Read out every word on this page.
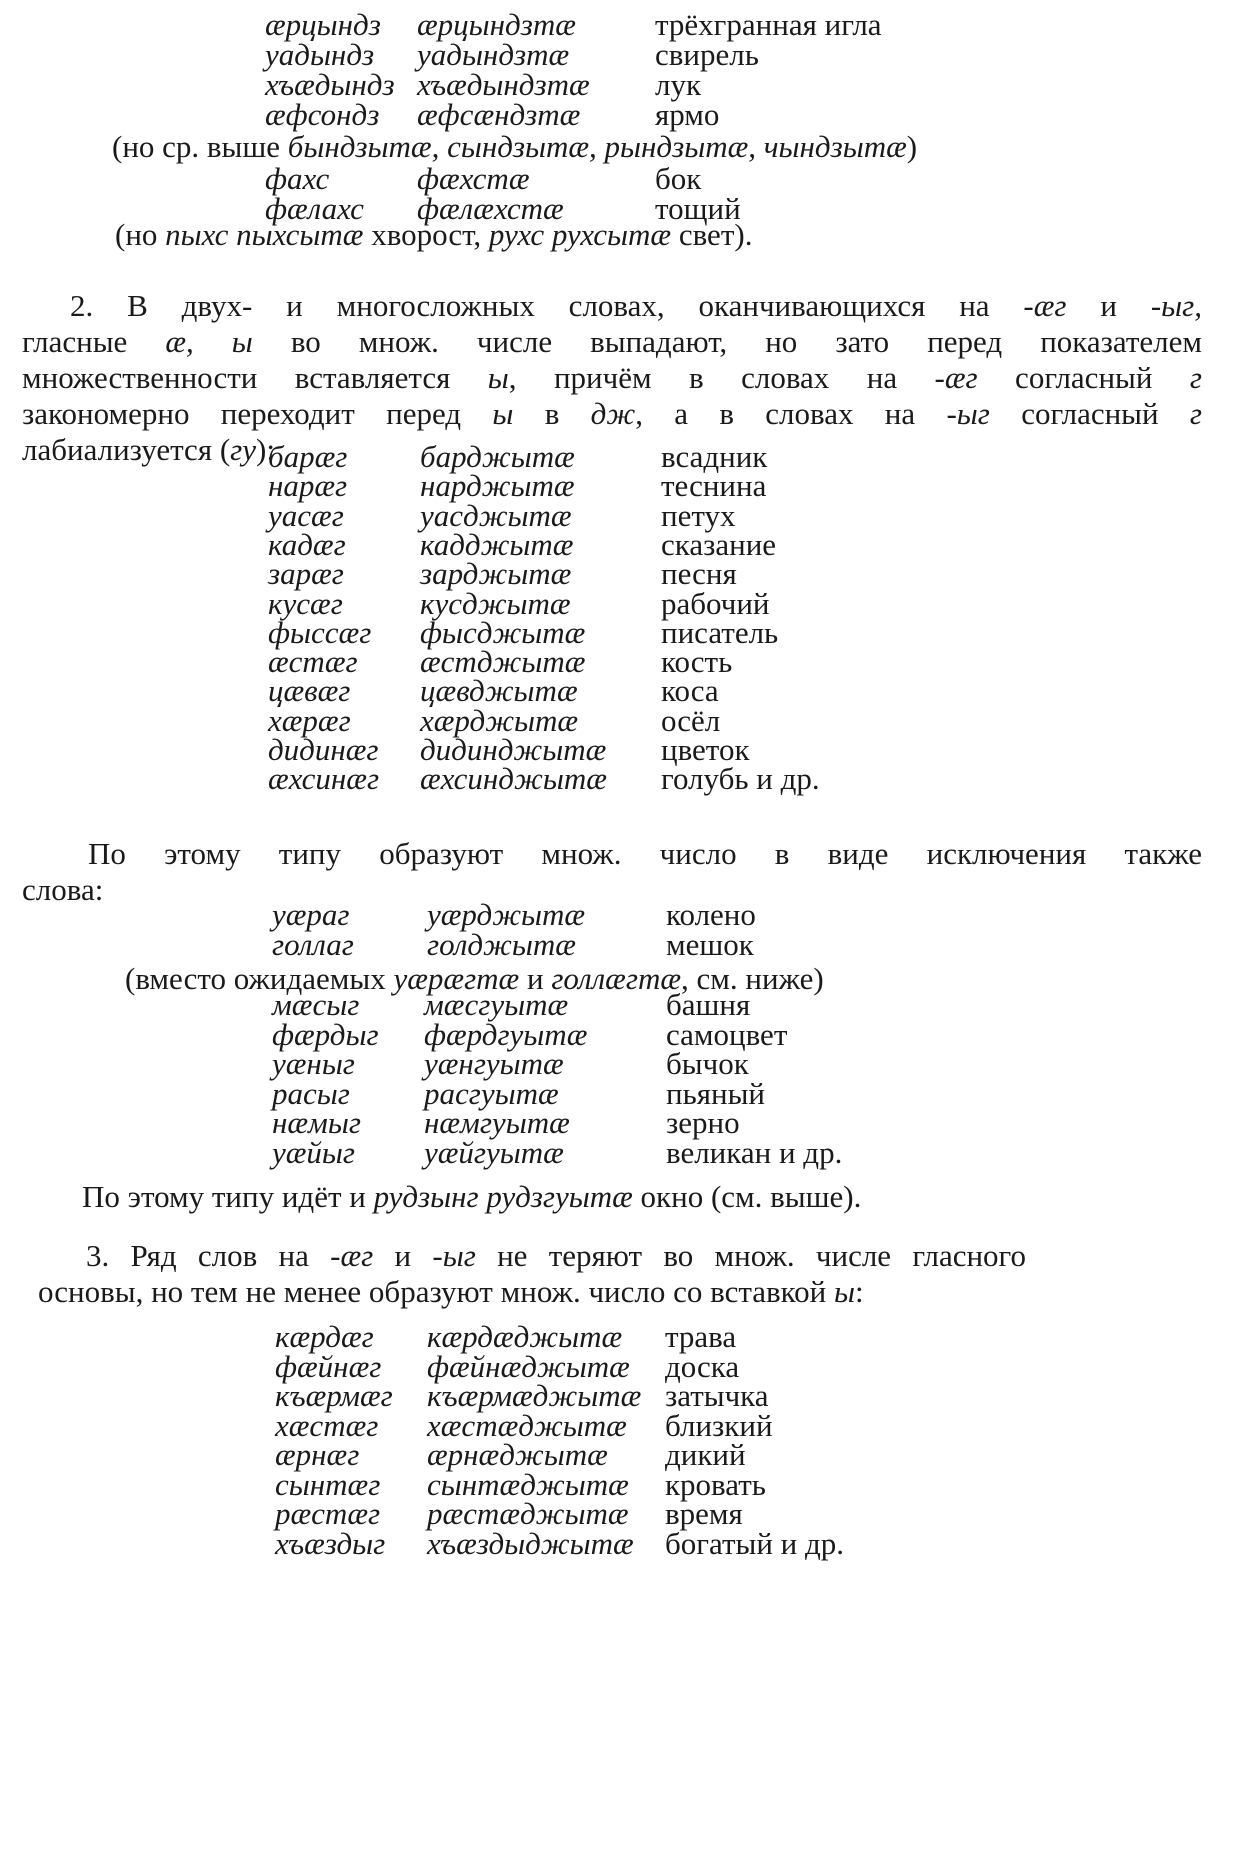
ӕрцындз ӕрцындзтӕ	трёхгранная игла
уадындз уадындзтӕ	свирель
хъӕдындз хъӕдындзтӕ лук
ӕфсондз ӕфсӕндзтӕ ярмо
(но ср. выше бындзытӕ, сындзытӕ, рындзытӕ, чындзытӕ)
фахс	фӕхстӕ	бок
фӕлахс фӕлӕхстӕ	тощий
(но пыхс пыхсытӕ хворост, рухс рухсытӕ свет).
2. В двух- и многосложных словах, оканчивающихся на -ӕг и -ыг,
гласные ӕ, ы во множ. числе выпадают, но зато перед показателем
множественности вставляется ы, причём в словах на -ӕг согласный г
закономерно переходит перед ы в дж, а в словах на -ыг согласный г
лабиализуется (гу):
барӕг барджытӕ	всадник
нарӕг нарджытӕ	теснина
уасӕг уасджытӕ	петух
кадӕг кадджытӕ	сказание
зарӕг зарджытӕ	песня
кусӕг кусджытӕ	рабочий
фыссӕг фысджытӕ писатель
ӕстӕг ӕстджытӕ кость
цӕвӕг цӕвджытӕ	коса
хӕрӕг хӕрджытӕ	осёл
дидинӕг дидинджытӕ цветок
ӕхсинӕг ӕхсинджытӕ голубь и др.
По этому типу образуют множ. число в виде исключения также
слова:
уӕраг уӕрджытӕ	колено
голлаг голджытӕ	мешок
(вместо ожидаемых уӕрӕгтӕ и голлӕгтӕ, см. ниже)
мӕсыг мӕсгуытӕ	башня
фӕрдыг фӕрдгуытӕ	самоцвет
уӕныг уӕнгуытӕ	бычок
расыг расгуытӕ	пьяный
нӕмыг нӕмгуытӕ	зерно
уӕйыг уӕйгуытӕ	великан и др.
По этому типу идёт и рудзынг рудзгуытӕ окно (см. выше).
3. Ряд слов на -ӕг и -ыг не теряют во множ. числе гласного
основы, но тем не менее образуют множ. число со вставкой ы:
кӕрдӕг кӕрдӕджытӕ трава
фӕйнӕг фӕйнӕджытӕ доска
къӕрмӕг къӕрмӕджытӕ затычка
хӕстӕг хӕстӕджытӕ близкий
ӕрнӕг ӕрнӕджытӕ дикий
сынтӕг сынтӕджытӕ кровать
рӕстӕг рӕстӕджытӕ время
хъӕздыг хъӕздыджытӕ богатый и др.
